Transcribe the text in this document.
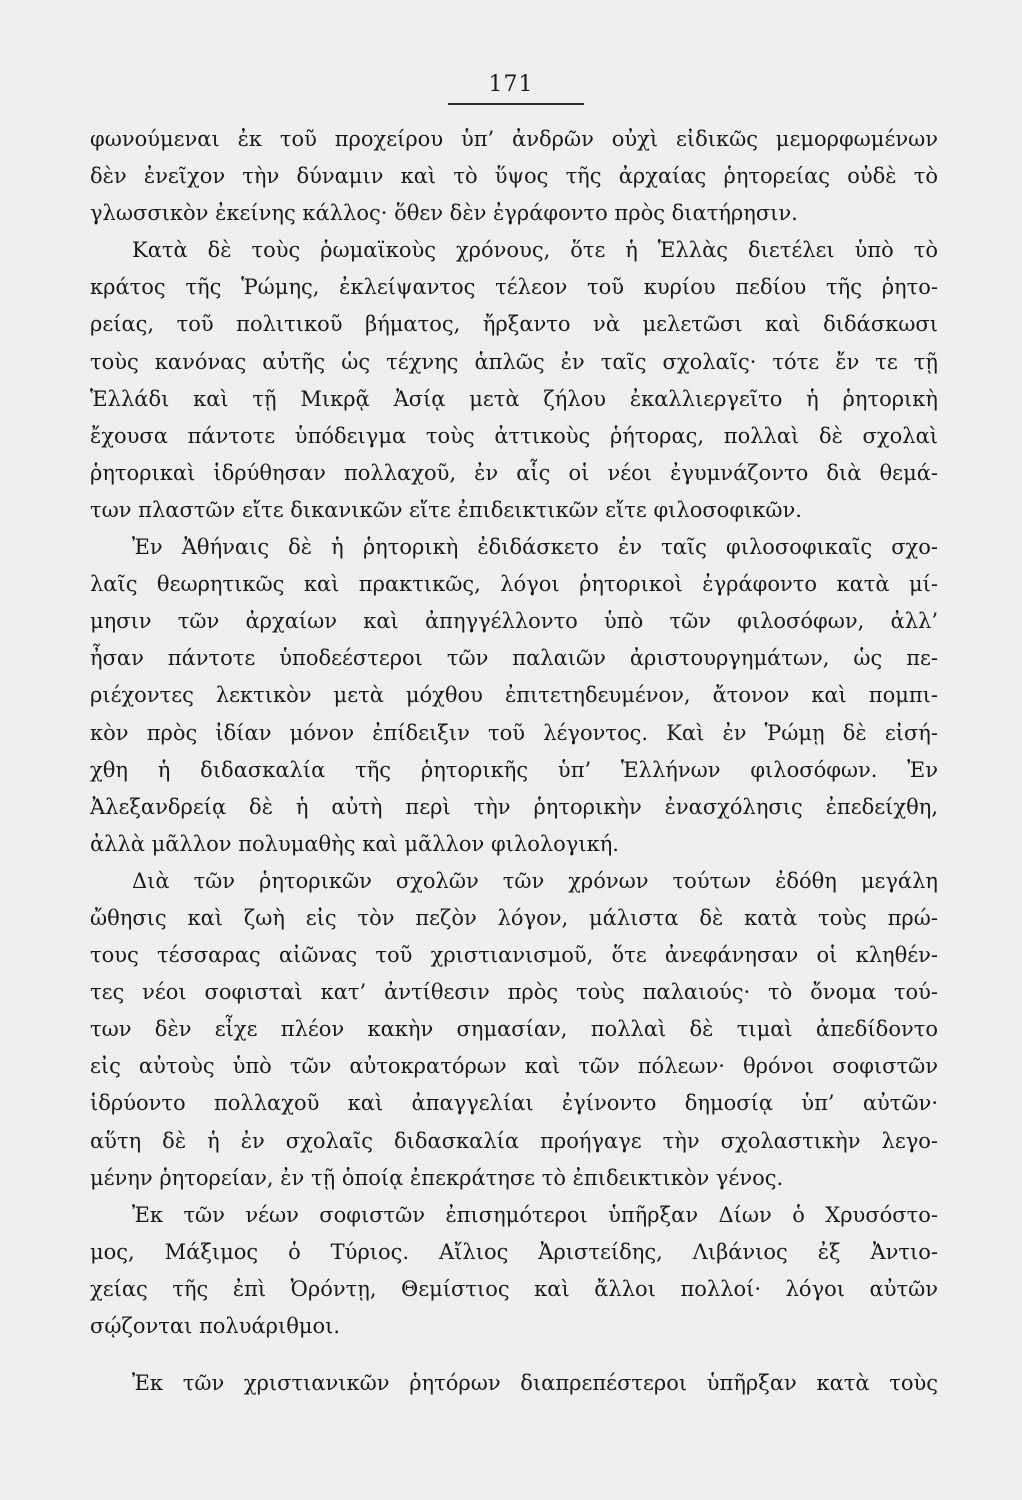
171
φωνούμεναι ἐκ τοῦ προχείρου ὑπ’ ἀνδρῶν οὐχὶ εἰδικῶς μεμορφωμένων
δὲν ἐνεῖχον τὴν δύναμιν καὶ τὸ ὕψος τῆς ἀρχαίας ῥητορείας οὐδὲ τὸ
γλωσσικὸν ἐκείνης κάλλος· ὅθεν δὲν ἐγράφοντο πρὸς διατήρησιν.
Κατὰ δὲ τοὺς ῥωμαϊκοὺς χρόνους, ὅτε ἡ Ἑλλὰς διετέλει ὑπὸ τὸ
κράτος τῆς Ῥώμης, ἐκλείψαντος τέλεον τοῦ κυρίου πεδίου τῆς ῥητο-
ρείας, τοῦ πολιτικοῦ βήματος, ἤρξαντο νὰ μελετῶσι καὶ διδάσκωσι
τοὺς κανόνας αὐτῆς ὡς τέχνης ἁπλῶς ἐν ταῖς σχολαῖς· τότε ἔν τε τῇ
Ἑλλάδι καὶ τῇ Μικρᾷ Ἀσίᾳ μετὰ ζήλου ἐκαλλιεργεῖτο ἡ ῥητορικὴ
ἔχουσα πάντοτε ὑπόδειγμα τοὺς ἀττικοὺς ῥήτορας, πολλαὶ δὲ σχολαὶ
ῥητορικαὶ ἱδρύθησαν πολλαχοῦ, ἐν αἷς οἱ νέοι ἐγυμνάζοντο διὰ θεμά-
των πλαστῶν εἴτε δικανικῶν εἴτε ἐπιδεικτικῶν εἴτε φιλοσοφικῶν.
Ἐν Ἀθήναις δὲ ἡ ῥητορικὴ ἐδιδάσκετο ἐν ταῖς φιλοσοφικαῖς σχο-
λαῖς θεωρητικῶς καὶ πρακτικῶς, λόγοι ῥητορικοὶ ἐγράφοντο κατὰ μί-
μησιν τῶν ἀρχαίων καὶ ἀπηγγέλλοντο ὑπὸ τῶν φιλοσόφων, ἀλλ’
ἦσαν πάντοτε ὑποδεέστεροι τῶν παλαιῶν ἀριστουργημάτων, ὡς πε-
ριέχοντες λεκτικὸν μετὰ μόχθου ἐπιτετηδευμένον, ἄτονον καὶ πομπι-
κὸν πρὸς ἰδίαν μόνον ἐπίδειξιν τοῦ λέγοντος. Καὶ ἐν Ῥώμῃ δὲ εἰσή-
χθη ἡ διδασκαλία τῆς ῥητορικῆς ὑπ’ Ἑλλήνων φιλοσόφων. Ἐν
Ἀλεξανδρείᾳ δὲ ἡ αὐτὴ περὶ τὴν ῥητορικὴν ἐνασχόλησις ἐπεδείχθη,
ἀλλὰ μᾶλλον πολυμαθὴς καὶ μᾶλλον φιλολογική.
Διὰ τῶν ῥητορικῶν σχολῶν τῶν χρόνων τούτων ἐδόθη μεγάλη
ὤθησις καὶ ζωὴ εἰς τὸν πεζὸν λόγον, μάλιστα δὲ κατὰ τοὺς πρώ-
τους τέσσαρας αἰῶνας τοῦ χριστιανισμοῦ, ὅτε ἀνεφάνησαν οἱ κληθέν-
τες νέοι σοφισταὶ κατ’ ἀντίθεσιν πρὸς τοὺς παλαιούς· τὸ ὄνομα τού-
των δὲν εἶχε πλέον κακὴν σημασίαν, πολλαὶ δὲ τιμαὶ ἀπεδίδοντο
εἰς αὐτοὺς ὑπὸ τῶν αὐτοκρατόρων καὶ τῶν πόλεων· θρόνοι σοφιστῶν
ἱδρύοντο πολλαχοῦ καὶ ἀπαγγελίαι ἐγίνοντο δημοσίᾳ ὑπ’ αὐτῶν·
αὕτη δὲ ἡ ἐν σχολαῖς διδασκαλία προήγαγε τὴν σχολαστικὴν λεγο-
μένην ῥητορείαν, ἐν τῇ ὁποίᾳ ἐπεκράτησε τὸ ἐπιδεικτικὸν γένος.
Ἐκ τῶν νέων σοφιστῶν ἐπισημότεροι ὑπῆρξαν Δίων ὁ Χρυσόστο-
μος, Μάξιμος ὁ Τύριος. Αἴλιος Ἀριστείδης, Λιβάνιος ἐξ Ἀντιο-
χείας τῆς ἐπὶ Ὀρόντῃ, Θεμίστιος καὶ ἄλλοι πολλοί· λόγοι αὐτῶν
σῴζονται πολυάριθμοι.
Ἐκ τῶν χριστιανικῶν ῥητόρων διαπρεπέστεροι ὑπῆρξαν κατὰ τοὺς
